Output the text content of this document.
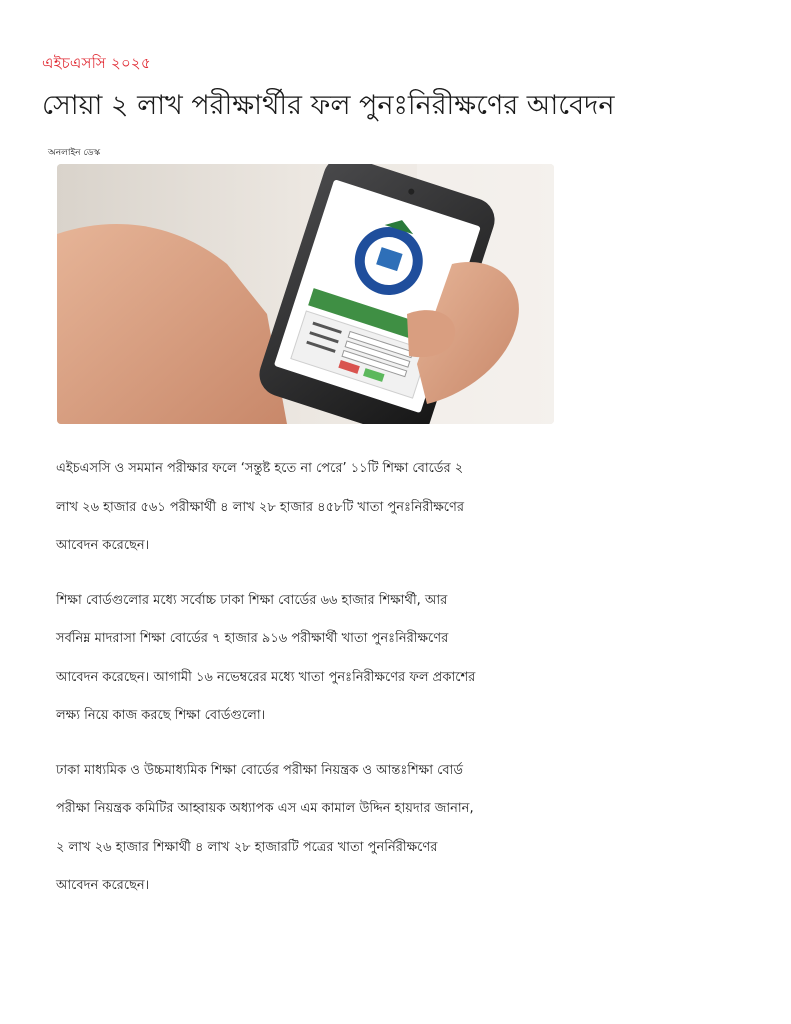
এইচএসসি ২০২৫
সোয়া ২ লাখ পরীক্ষার্থীর ফল পুনঃনিরীক্ষণের আবেদন
অনলাইন ডেস্ক

এইচএসসি ও সমমান পরীক্ষার ফলে ‘সন্তুষ্ট হতে না পেরে’ ১১টি শিক্ষা বোর্ডের ২ লাখ ২৬ হাজার ৫৬১ পরীক্ষার্থী ৪ লাখ ২৮ হাজার ৪৫৮টি খাতা পুনঃনিরীক্ষণের আবেদন করেছেন।

শিক্ষা বোর্ডগুলোর মধ্যে সর্বোচ্চ ঢাকা শিক্ষা বোর্ডের ৬৬ হাজার শিক্ষার্থী, আর সর্বনিম্ন মাদরাসা শিক্ষা বোর্ডের ৭ হাজার ৯১৬ পরীক্ষার্থী খাতা পুনঃনিরীক্ষণের আবেদন করেছেন। আগামী ১৬ নভেম্বরের মধ্যে খাতা পুনঃনিরীক্ষণের ফল প্রকাশের লক্ষ্য নিয়ে কাজ করছে শিক্ষা বোর্ডগুলো।

ঢাকা মাধ্যমিক ও উচ্চমাধ্যমিক শিক্ষা বোর্ডের পরীক্ষা নিয়ন্ত্রক ও আন্তঃশিক্ষা বোর্ড পরীক্ষা নিয়ন্ত্রক কমিটির আহ্বায়ক অধ্যাপক এস এম কামাল উদ্দিন হায়দার জানান, ২ লাখ ২৬ হাজার শিক্ষার্থী ৪ লাখ ২৮ হাজারটি পত্রের খাতা পুনর্নিরীক্ষণের আবেদন করেছেন।
